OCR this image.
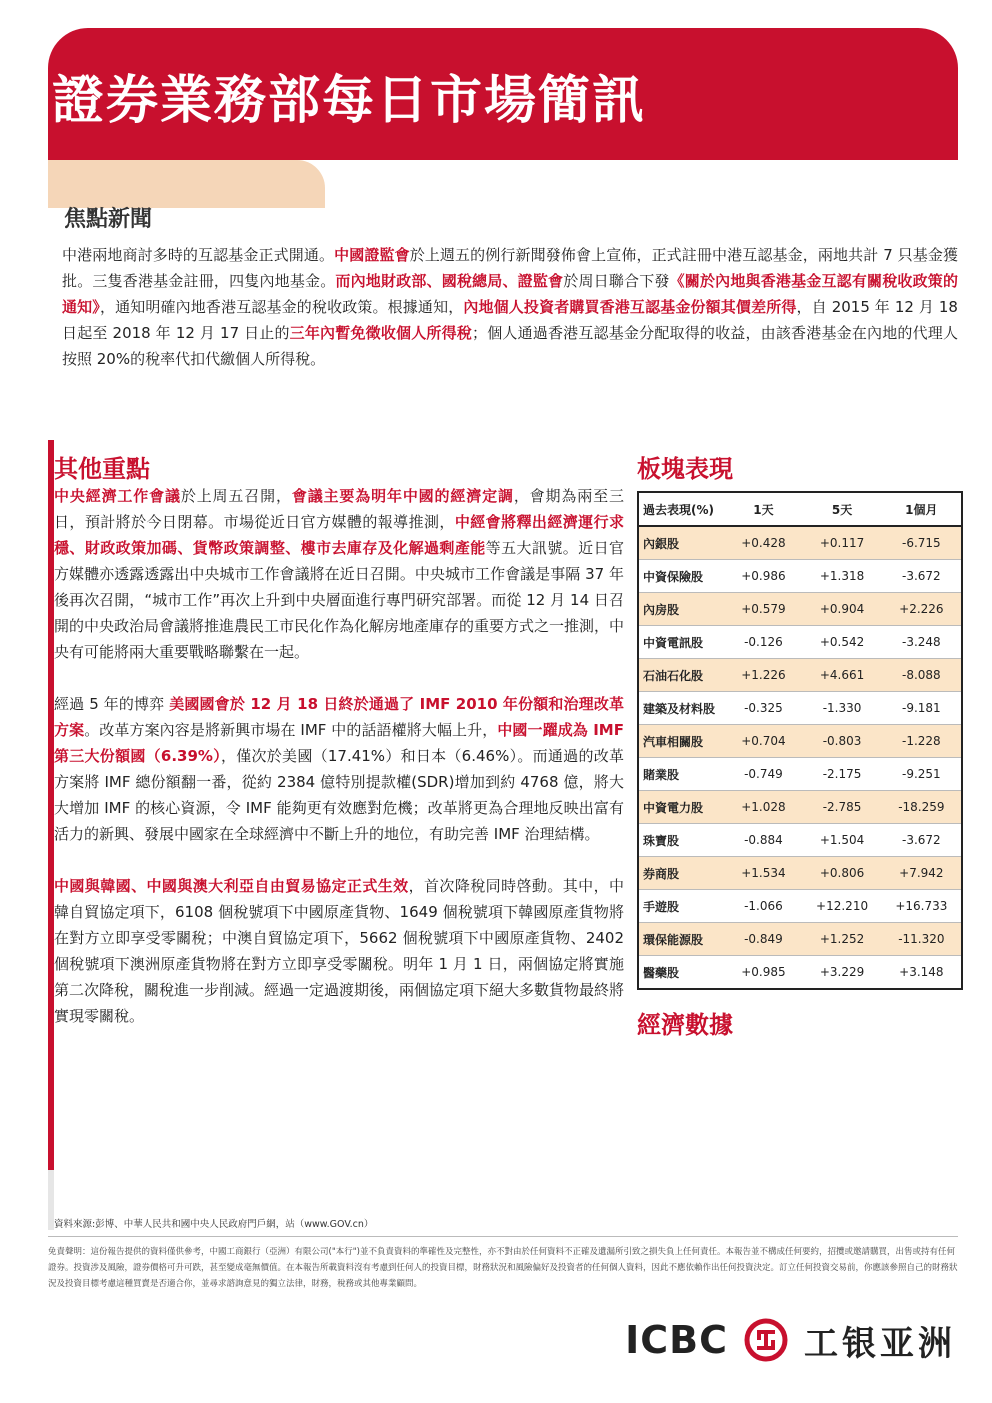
證券業務部每日市場簡訊
21 DEC 2015
焦點新聞
中港兩地商討多時的互認基金正式開通。中國證監會於上週五的例行新聞發佈會上宣佈，正式註冊中港互認基金，兩地共計 7 只基金獲批。三隻香港基金註冊，四隻內地基金。而內地財政部、國稅總局、證監會於周日聯合下發《關於內地與香港基金互認有關稅收政策的通知》，通知明確內地香港互認基金的稅收政策。根據通知，內地個人投資者購買香港互認基金份額其價差所得，自 2015 年 12 月 18 日起至 2018 年 12 月 17 日止的三年內暫免徵收個人所得稅；個人通過香港互認基金分配取得的收益，由該香港基金在內地的代理人按照 20%的稅率代扣代繳個人所得稅。
其他重點
中央經濟工作會議於上周五召開，會議主要為明年中國的經濟定調，會期為兩至三日，預計將於今日閉幕。市場從近日官方媒體的報導推測，中經會將釋出經濟運行求穩、財政政策加碼、貨幣政策調整、樓市去庫存及化解過剩產能等五大訊號。近日官方媒體亦透露透露出中央城市工作會議將在近日召開。中央城市工作會議是事隔 37 年後再次召開，“城市工作”再次上升到中央層面進行專門研究部署。而從 12 月 14 日召開的中央政治局會議將推進農民工市民化作為化解房地產庫存的重要方式之一推測，中央有可能將兩大重要戰略聯繫在一起。
經過 5 年的博弈 美國國會於 12 月 18 日終於通過了 IMF 2010 年份額和治理改革方案。改革方案內容是將新興市場在 IMF 中的話語權將大幅上升，中國一躍成為 IMF 第三大份額國（6.39%），僅次於美國（17.41%）和日本（6.46%）。而通過的改革方案將 IMF 總份額翻一番，從約 2384 億特別提款權(SDR)增加到約 4768 億，將大大增加 IMF 的核心資源，令 IMF 能夠更有效應對危機；改革將更為合理地反映出富有活力的新興、發展中國家在全球經濟中不斷上升的地位，有助完善 IMF 治理結構。
中國與韓國、中國與澳大利亞自由貿易協定正式生效，首次降稅同時啓動。其中，中韓自貿協定項下，6108 個稅號項下中國原產貨物、1649 個稅號項下韓國原產貨物將在對方立即享受零關稅；中澳自貿協定項下，5662 個稅號項下中國原產貨物、2402 個稅號項下澳洲原產貨物將在對方立即享受零關稅。明年 1 月 1 日，兩個協定將實施第二次降稅，關稅進一步削減。經過一定過渡期後，兩個協定項下絕大多數貨物最終將實現零關稅。
板塊表現
過去表現(%)	1天	5天	1個月
內銀股	+0.428	+0.117	-6.715
中資保險股	+0.986	+1.318	-3.672
內房股	+0.579	+0.904	+2.226
中資電訊股	-0.126	+0.542	-3.248
石油石化股	+1.226	+4.661	-8.088
建築及材料股	-0.325	-1.330	-9.181
汽車相關股	+0.704	-0.803	-1.228
賭業股	-0.749	-2.175	-9.251
中資電力股	+1.028	-2.785	-18.259
珠寶股	-0.884	+1.504	-3.672
券商股	+1.534	+0.806	+7.942
手遊股	-1.066	+12.210	+16.733
環保能源股	-0.849	+1.252	-11.320
醫藥股	+0.985	+3.229	+3.148
經濟數據
資料來源:彭博、中華人民共和國中央人民政府門戶網，站（www.GOV.cn）
免責聲明：這份報告提供的資料僅供參考，中國工商銀行（亞洲）有限公司("本行")並不負責資料的準確性及完整性，亦不對由於任何資料不正確及遺漏所引致之損失負上任何責任。本報告並不構成任何要約，招攬或邀請購買，出售或持有任何證券。投資涉及風險，證券價格可升可跌，甚至變成毫無價值。在本報告所載資料沒有考慮到任何人的投資目標，財務狀況和風險偏好及投資者的任何個人資料，因此不應依賴作出任何投資決定。訂立任何投資交易前，你應該參照自己的財務狀況及投資目標考慮這種買賣是否適合你，並尋求諮詢意見的獨立法律，財務，稅務或其他專業顧問。
ICBC 工银亚洲
